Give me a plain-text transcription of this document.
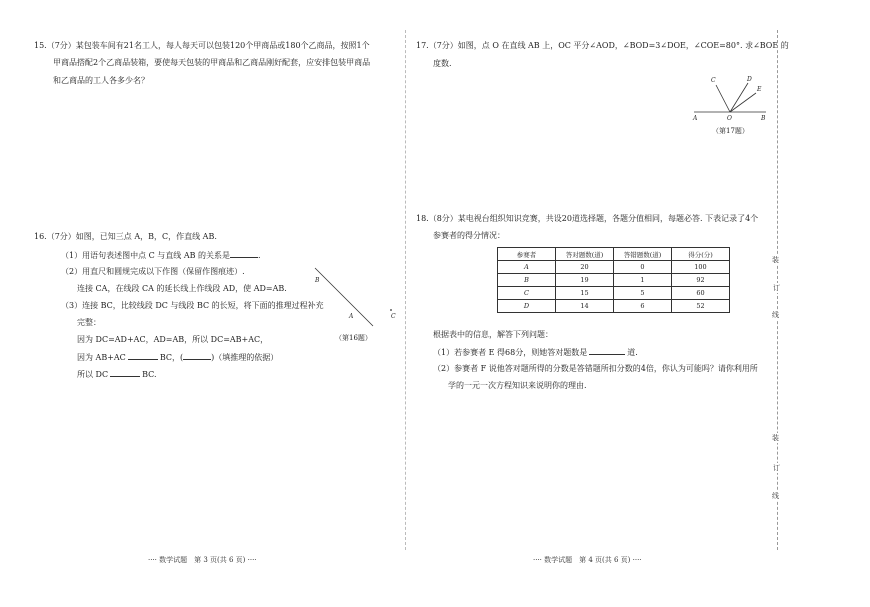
15.（7分）某包装车间有21名工人，每人每天可以包装120个甲商品或180个乙商品，按照1个
甲商品搭配2个乙商品装箱，要使每天包装的甲商品和乙商品刚好配套，应安排包装甲商品
和乙商品的工人各多少名？
16.（7分）如图，已知三点 A，B，C，作直线 AB.
（1）用语句表述图中点 C 与直线 AB 的关系是	.
（2）用直尺和圆规完成以下作图（保留作图痕迹）.
连接 CA，在线段 CA 的延长线上作线段 AD，使 AD=AB.
（3）连接 BC，比较线段 DC 与线段 BC 的长短，将下面的推理过程补充
完整：
因为 DC=AD+AC，AD=AB，所以 DC=AB+AC，
因为 AB+AC	BC，(	)（填推理的依据）
所以 DC	BC.
B
A	C
（第16题）
17.（7分）如图，点 O 在直线 AB 上，OC 平分∠AOD，∠BOD=3∠DOE，∠COE=80°. 求∠BOE 的
度数.
A	O	B
C	D
E
（第17题）
18.（8分）某电视台组织知识竞赛，共设20道选择题，各题分值相同，每题必答. 下表记录了4个
参赛者的得分情况：
参赛者	答对题数(道)	答错题数(道)	得分(分)
A	20	0	100
B	19	1	92
C	15	5	60
D	14	6	52
根据表中的信息，解答下列问题：
（1）若参赛者 E 得68分，则她答对题数是	道.
（2）参赛者 F 说他答对题所得的分数是答错题所扣分数的4倍，你认为可能吗？请你利用所
学的一元一次方程知识来说明你的理由.
装
订
线
装
订
线
···· 数学试题　第 3 页(共 6 页) ····	···· 数学试题　第 4 页(共 6 页) ····
